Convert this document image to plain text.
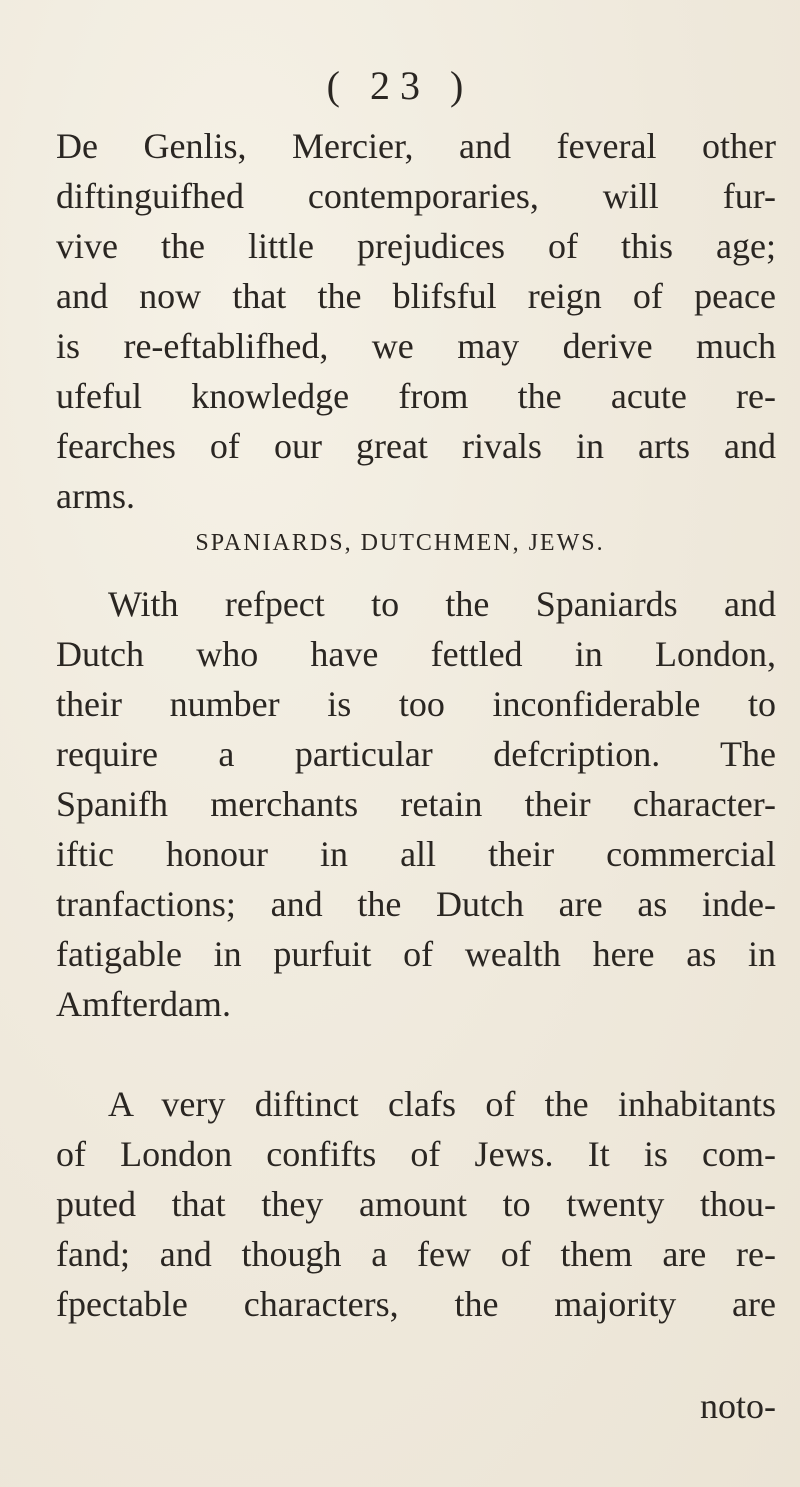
( 23 )
De Genlis, Mercier, and feveral other
diftinguifhed contemporaries, will fur-
vive the little prejudices of this age;
and now that the blifsful reign of peace
is re-eftablifhed, we may derive much
ufeful knowledge from the acute re-
fearches of our great rivals in arts and
arms.
SPANIARDS, DUTCHMEN, JEWS.
With refpect to the Spaniards and
Dutch who have fettled in London,
their number is too inconfiderable to
require a particular defcription. The
Spanifh merchants retain their character-
iftic honour in all their commercial
tranfactions; and the Dutch are as inde-
fatigable in purfuit of wealth here as in
Amfterdam.
A very diftinct clafs of the inhabitants
of London confifts of Jews. It is com-
puted that they amount to twenty thou-
fand; and though a few of them are re-
fpectable characters, the majority are
noto-
